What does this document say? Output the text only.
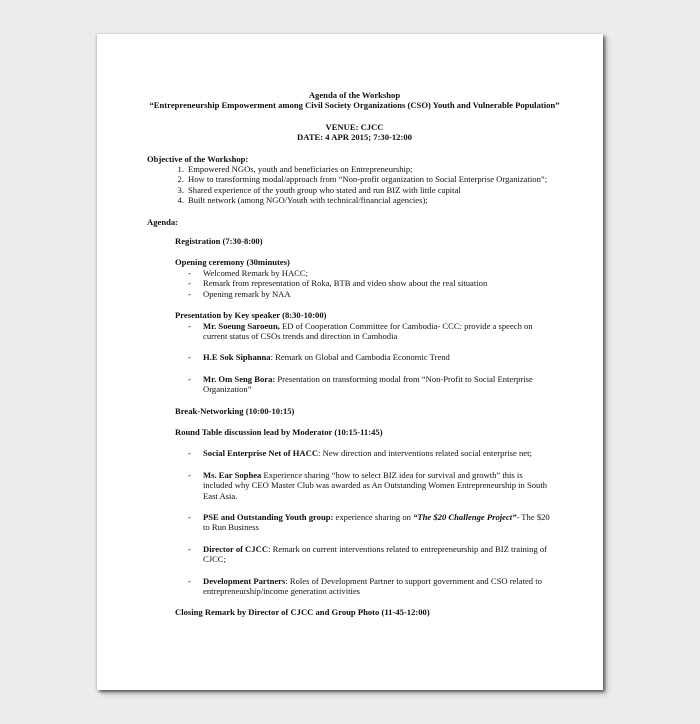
Agenda of the Workshop
“Entrepreneurship Empowerment among Civil Society Organizations (CSO) Youth and Vulnerable Population”
VENUE: CJCC
DATE: 4 APR 2015; 7:30-12:00
Objective of the Workshop:
1. Empowered NGOs, youth and beneficiaries on Entrepreneurship;
2. How to transforming modal/approach from “Non-profit organization to Social Enterprise Organization”;
3. Shared experience of the youth group who stated and run BIZ with little capital
4. Built network (among NGO/Youth with technical/financial agencies);
Agenda:
Registration (7:30-8:00)
Opening ceremony (30minutes)
- Welcomed Remark by HACC;
- Remark from representation of Roka, BTB and video show about the real situation
- Opening remark by NAA
Presentation by Key speaker (8:30-10:00)
- Mr. Soeung Saroeun, ED of Cooperation Committee for Cambodia- CCC: provide a speech on current status of CSOs trends and direction in Cambodia
- H.E Sok Siphanna: Remark on Global and Cambodia Economic Trend
- Mr. Om Seng Bora: Presentation on transforming modal from “Non-Profit to Social Enterprise Organization”
Break-Networking (10:00-10:15)
Round Table discussion lead by Moderator (10:15-11:45)
- Social Enterprise Net of HACC: New direction and interventions related social enterprise net;
- Ms. Ear Sophea Experience sharing “how to select BIZ idea for survival and growth” this is included why CEO Master Club was awarded as An Outstanding Women Entrepreneurship in South East Asia.
- PSE and Outstanding Youth group: experience sharing on “The $20 Challenge Project”- The $20 to Run Business
- Director of CJCC: Remark on current interventions related to entrepreneurship and BIZ training of CJCC;
- Development Partners: Roles of Development Partner to support government and CSO related to entrepreneurship/income generation activities
Closing Remark by Director of CJCC and Group Photo (11-45-12:00)
